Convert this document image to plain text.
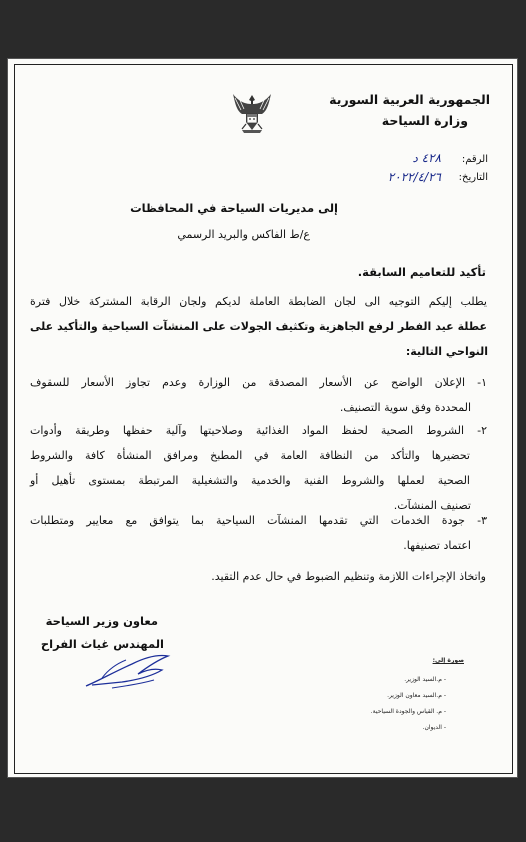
الجمهورية العربية السورية
وزارة السياحة
الرقم:
٤٢٨ د
التاريخ:
٢٠٢٢/٤/٢٦
إلى مديريات السياحة في المحافظات
ع/ط الفاكس والبريد الرسمي
تأكيد للتعاميم السابقة.
يطلب إليكم التوجيه الى لجان الضابطة العاملة لديكم ولجان الرقابة المشتركة خلال فترة
عطلة عيد الفطر لرفع الجاهزية وتكثيف الجولات على المنشآت السياحية والتأكيد على
النواحي التالية:
١- الإعلان الواضح عن الأسعار المصدقة من الوزارة وعدم تجاوز الأسعار للسقوف
المحددة وفق سوية التصنيف.
٢- الشروط الصحية لحفظ المواد الغذائية وصلاحيتها وآلية حفظها وطريقة وأدوات
تحضيرها والتأكد من النظافة العامة في المطبخ ومرافق المنشأة كافة والشروط
الصحية لعملها والشروط الفنية والخدمية والتشغيلية المرتبطة بمستوى تأهيل أو
تصنيف المنشآت.
٣- جودة الخدمات التي تقدمها المنشآت السياحية بما يتوافق مع معايير ومتطلبات
اعتماد تصنيفها.
واتخاذ الإجراءات اللازمة وتنظيم الضبوط في حال عدم التقيد.
معاون وزير السياحة
المهندس غياث الفراح
صورة إلى:
- م.السيد الوزير.
- م.السيد معاون الوزير.
- م. القياس والجودة السياحية.
- الديوان.
